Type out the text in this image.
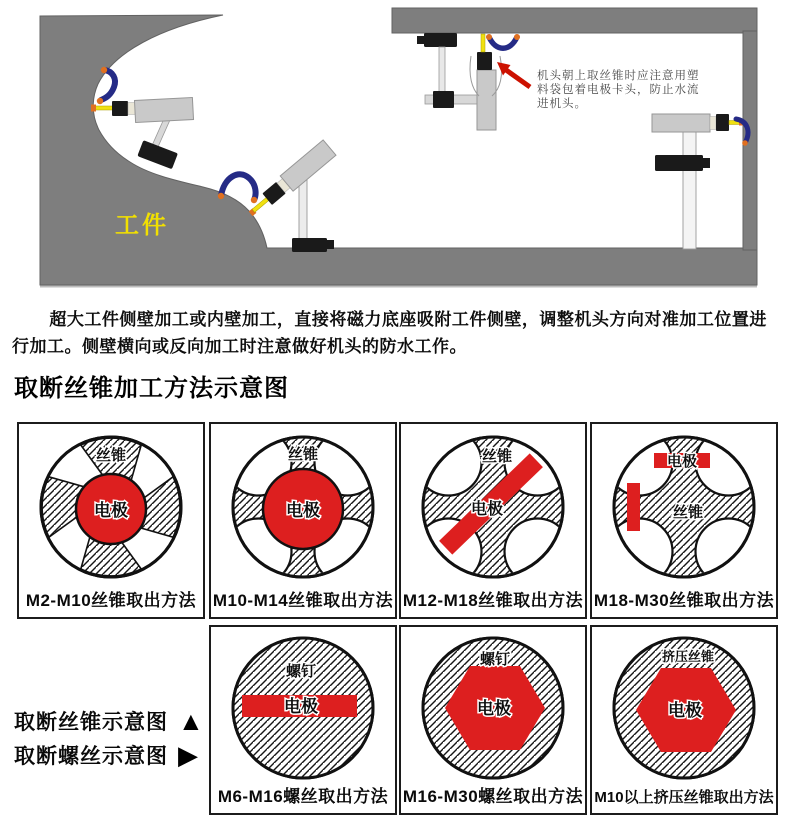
工件
机头朝上取丝锥时应注意用塑
料袋包着电极卡头，防止水流
进机头。
超大工件侧壁加工或内壁加工，直接将磁力底座吸附工件侧壁，调整机头方向对准加工位置进行加工。侧壁横向或反向加工时注意做好机头的防水工作。
取断丝锥加工方法示意图
丝锥
电极
M2-M10丝锥取出方法
丝锥
电极
M10-M14丝锥取出方法
丝锥
电极
M12-M18丝锥取出方法
电极
丝锥
M18-M30丝锥取出方法
螺钉
电极
M6-M16螺丝取出方法
螺钉
电极
M16-M30螺丝取出方法
挤压丝锥
电极
M10以上挤压丝锥取出方法
取断丝锥示意图 ▲
取断螺丝示意图 ▶
